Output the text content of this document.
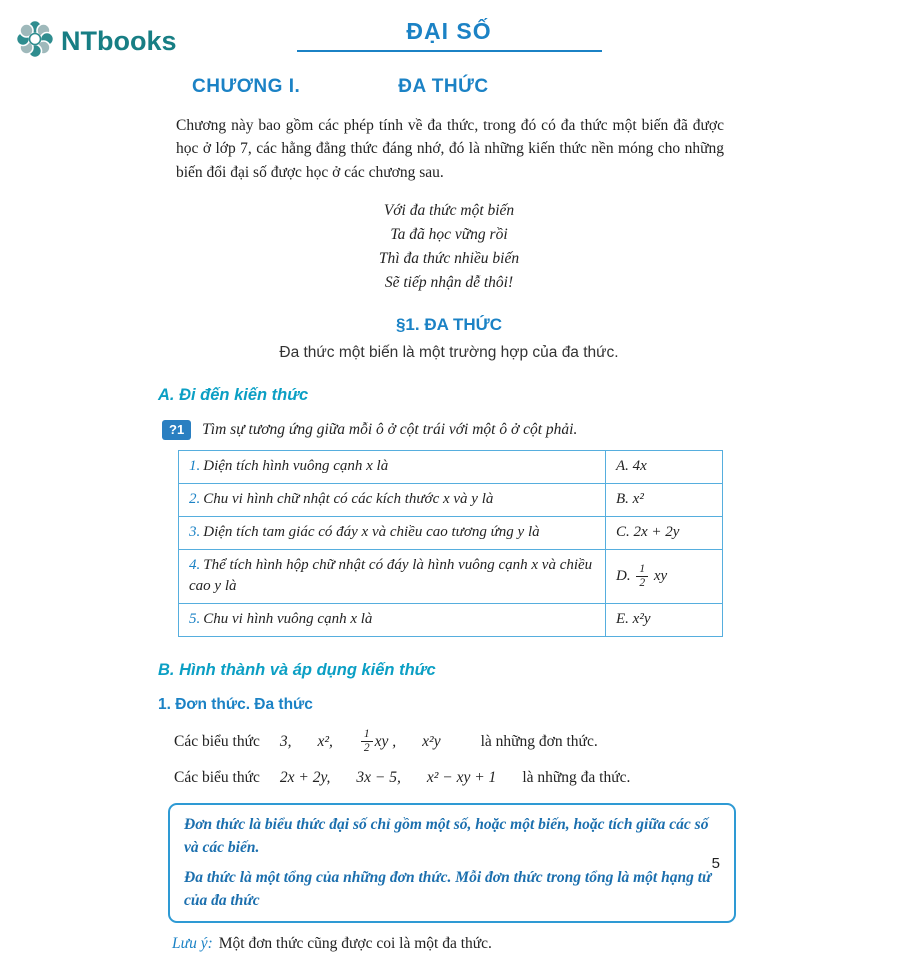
NTbooks	ĐẠI SỐ
CHƯƠNG I.	ĐA THỨC

Chương này bao gồm các phép tính về đa thức, trong đó có đa thức một biến đã được học ở lớp 7, các hằng đẳng thức đáng nhớ, đó là những kiến thức nền móng cho những biến đổi đại số được học ở các chương sau.

Với đa thức một biến
Ta đã học vững rồi
Thì đa thức nhiều biến
Sẽ tiếp nhận dễ thôi!
§1. ĐA THỨC
Đa thức một biến là một trường hợp của đa thức.
A. Đi đến kiến thức
?1	Tìm sự tương ứng giữa mỗi ô ở cột trái với một ô ở cột phải.
1. Diện tích hình vuông cạnh x là	A. 4x
2. Chu vi hình chữ nhật có các kích thước x và y là	B. x²
3. Diện tích tam giác có đáy x và chiều cao tương ứng y là	C. 2x + 2y
4. Thể tích hình hộp chữ nhật có đáy là hình vuông cạnh x và chiều cao y là	D. $\frac{1}{2}$ xy
5. Chu vi hình vuông cạnh x là	E. x²y
B. Hình thành và áp dụng kiến thức
1. Đơn thức. Đa thức
Các biểu thức 3, x², $\frac{1}{2}$ xy , x²y	là những đơn thức.
Các biểu thức 2x + 2y, 3x − 5, x² − xy + 1 là những đa thức.

Đơn thức là biểu thức đại số chỉ gồm một số, hoặc một biến, hoặc tích giữa các số và các biến.

Đa thức là một tổng của những đơn thức. Mỗi đơn thức trong tổng là một hạng tử của đa thức

Lưu ý: Một đơn thức cũng được coi là một đa thức.
5
